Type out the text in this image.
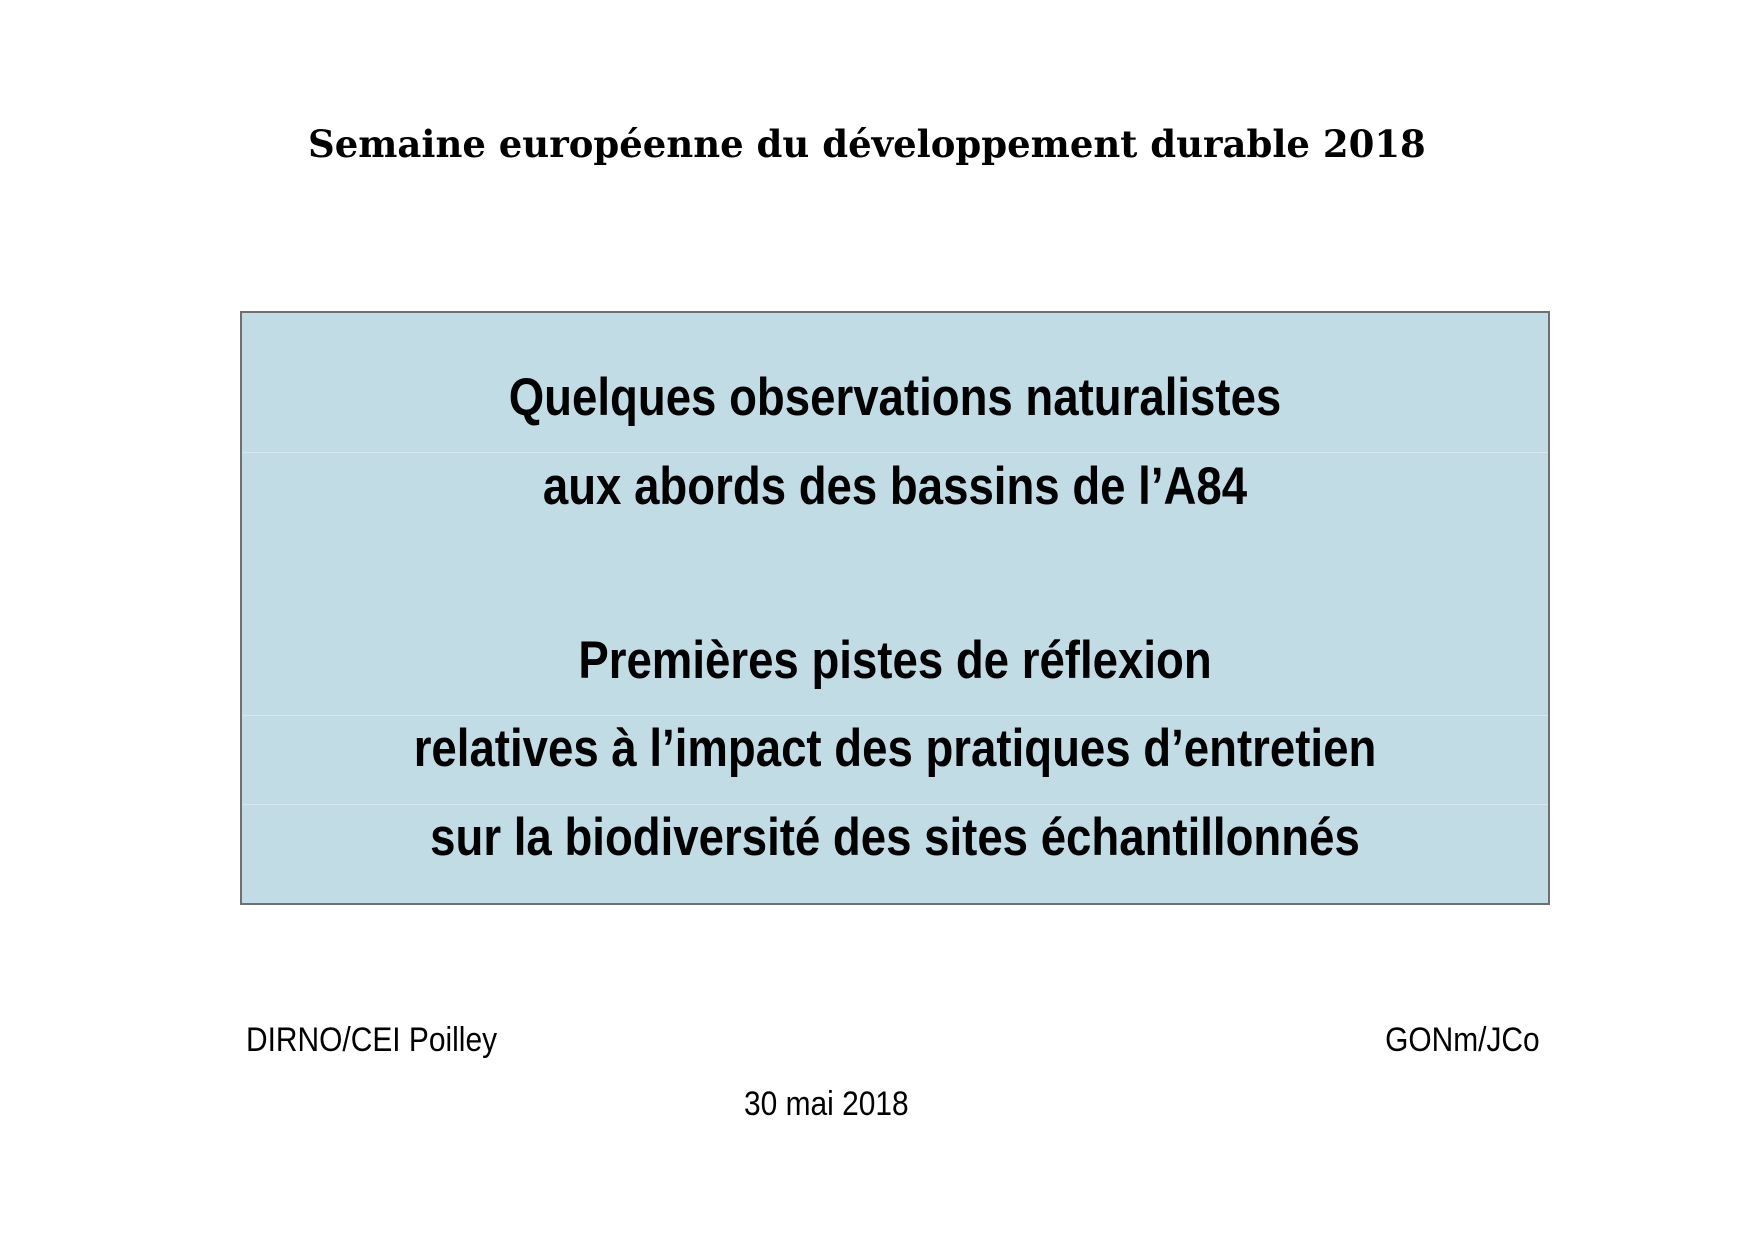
Semaine européenne du développement durable 2018
Quelques observations naturalistes
aux abords des bassins de l’A84
Premières pistes de réflexion
relatives à l’impact des pratiques d’entretien
sur la biodiversité des sites échantillonnés
DIRNO/CEI Poilley	GONm/JCo
30 mai 2018
